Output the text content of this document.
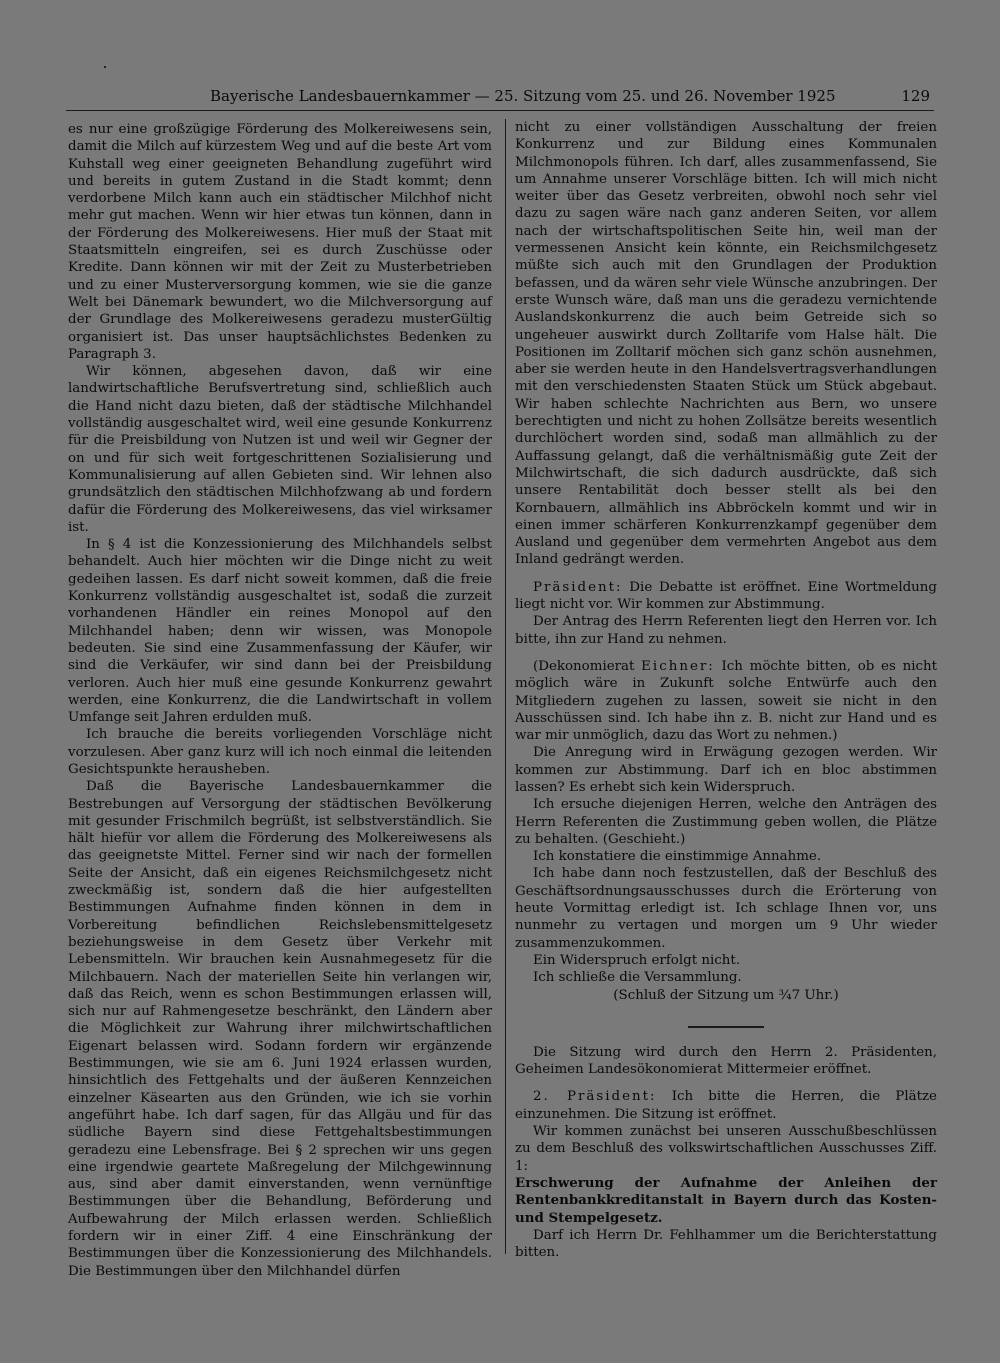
Bayerische Landesbauernkammer — 25. Sitzung vom 25. und 26. November 1925	129

es nur eine großzügige Förderung des Molkereiwesens sein, damit die Milch auf kürzestem Weg und auf die beste Art vom Kuhstall weg einer geeigneten Behandlung zugeführt wird und bereits in gutem Zustand in die Stadt kommt; denn verdorbene Milch kann auch ein städtischer Milchhof nicht mehr gut machen. Wenn wir hier etwas tun können, dann in der Förderung des Molkereiwesens. Hier muß der Staat mit Staatsmitteln eingreifen, sei es durch Zuschüsse oder Kredite. Dann können wir mit der Zeit zu Musterbetrieben und zu einer Musterversorgung kommen, wie sie die ganze Welt bei Dänemark bewundert, wo die Milchversorgung auf der Grundlage des Molkereiwesens geradezu musterGültig organisiert ist. Das unser hauptsächlichstes Bedenken zu Paragraph 3.

Wir können, abgesehen davon, daß wir eine landwirtschaftliche Berufsvertretung sind, schließlich auch die Hand nicht dazu bieten, daß der städtische Milchhandel vollständig ausgeschaltet wird, weil eine gesunde Konkurrenz für die Preisbildung von Nutzen ist und weil wir Gegner der on und für sich weit fortgeschrittenen Sozialisierung und Kommunalisierung auf allen Gebieten sind. Wir lehnen also grundsätzlich den städtischen Milchhofzwang ab und fordern dafür die Förderung des Molkereiwesens, das viel wirksamer ist.

In § 4 ist die Konzessionierung des Milchhandels selbst behandelt. Auch hier möchten wir die Dinge nicht zu weit gedeihen lassen. Es darf nicht soweit kommen, daß die freie Konkurrenz vollständig ausgeschaltet ist, sodaß die zurzeit vorhandenen Händler ein reines Monopol auf den Milchhandel haben; denn wir wissen, was Monopole bedeuten. Sie sind eine Zusammenfassung der Käufer, wir sind die Verkäufer, wir sind dann bei der Preisbildung verloren. Auch hier muß eine gesunde Konkurrenz gewahrt werden, eine Konkurrenz, die die Landwirtschaft in vollem Umfange seit Jahren erdulden muß.

Ich brauche die bereits vorliegenden Vorschläge nicht vorzulesen. Aber ganz kurz will ich noch einmal die leitenden Gesichtspunkte herausheben.

Daß die Bayerische Landesbauernkammer die Bestrebungen auf Versorgung der städtischen Bevölkerung mit gesunder Frischmilch begrüßt, ist selbstverständlich. Sie hält hiefür vor allem die Förderung des Molkereiwesens als das geeignetste Mittel. Ferner sind wir nach der formellen Seite der Ansicht, daß ein eigenes Reichsmilchgesetz nicht zweckmäßig ist, sondern daß die hier aufgestellten Bestimmungen Aufnahme finden können in dem in Vorbereitung befindlichen Reichslebensmittelgesetz beziehungsweise in dem Gesetz über Verkehr mit Lebensmitteln. Wir brauchen kein Ausnahmegesetz für die Milchbauern. Nach der materiellen Seite hin verlangen wir, daß das Reich, wenn es schon Bestimmungen erlassen will, sich nur auf Rahmengesetze beschränkt, den Ländern aber die Möglichkeit zur Wahrung ihrer milchwirtschaftlichen Eigenart belassen wird. Sodann fordern wir ergänzende Bestimmungen, wie sie am 6. Juni 1924 erlassen wurden, hinsichtlich des Fettgehalts und der äußeren Kennzeichen einzelner Käsearten aus den Gründen, wie ich sie vorhin angeführt habe. Ich darf sagen, für das Allgäu und für das südliche Bayern sind diese Fettgehaltsbestimmungen geradezu eine Lebensfrage. Bei § 2 sprechen wir uns gegen eine irgendwie geartete Maßregelung der Milchgewinnung aus, sind aber damit einverstanden, wenn vernünftige Bestimmungen über die Behandlung, Beförderung und Aufbewahrung der Milch erlassen werden. Schließlich fordern wir in einer Ziff. 4 eine Einschränkung der Bestimmungen über die Konzessionierung des Milchhandels. Die Bestimmungen über den Milchhandel dürfen

nicht zu einer vollständigen Ausschaltung der freien Konkurrenz und zur Bildung eines Kommunalen Milchmonopols führen. Ich darf, alles zusammenfassend, Sie um Annahme unserer Vorschläge bitten. Ich will mich nicht weiter über das Gesetz verbreiten, obwohl noch sehr viel dazu zu sagen wäre nach ganz anderen Seiten, vor allem nach der wirtschaftspolitischen Seite hin, weil man der vermessenen Ansicht kein könnte, ein Reichsmilchgesetz müßte sich auch mit den Grundlagen der Produktion befassen, und da wären sehr viele Wünsche anzubringen. Der erste Wunsch wäre, daß man uns die geradezu vernichtende Auslandskonkurrenz die auch beim Getreide sich so ungeheuer auswirkt durch Zolltarife vom Halse hält. Die Positionen im Zolltarif möchen sich ganz schön ausnehmen, aber sie werden heute in den Handelsvertragsverhandlungen mit den verschiedensten Staaten Stück um Stück abgebaut. Wir haben schlechte Nachrichten aus Bern, wo unsere berechtigten und nicht zu hohen Zollsätze bereits wesentlich durchlöchert worden sind, sodaß man allmählich zu der Auffassung gelangt, daß die verhältnismäßig gute Zeit der Milchwirtschaft, die sich dadurch ausdrückte, daß sich unsere Rentabilität doch besser stellt als bei den Kornbauern, allmählich ins Abbröckeln kommt und wir in einen immer schärferen Konkurrenzkampf gegenüber dem Ausland und gegenüber dem vermehrten Angebot aus dem Inland gedrängt werden.

Präsident: Die Debatte ist eröffnet. Eine Wortmeldung liegt nicht vor. Wir kommen zur Abstimmung.

Der Antrag des Herrn Referenten liegt den Herren vor. Ich bitte, ihn zur Hand zu nehmen.

(Dekonomierat Eichner: Ich möchte bitten, ob es nicht möglich wäre in Zukunft solche Entwürfe auch den Mitgliedern zugehen zu lassen, soweit sie nicht in den Ausschüssen sind. Ich habe ihn z. B. nicht zur Hand und es war mir unmöglich, dazu das Wort zu nehmen.)

Die Anregung wird in Erwägung gezogen werden. Wir kommen zur Abstimmung. Darf ich en bloc abstimmen lassen? Es erhebt sich kein Widerspruch.

Ich ersuche diejenigen Herren, welche den Anträgen des Herrn Referenten die Zustimmung geben wollen, die Plätze zu behalten. (Geschieht.)

Ich konstatiere die einstimmige Annahme.

Ich habe dann noch festzustellen, daß der Beschluß des Geschäftsordnungsausschusses durch die Erörterung von heute Vormittag erledigt ist. Ich schlage Ihnen vor, uns nunmehr zu vertagen und morgen um 9 Uhr wieder zusammenzukommen.

Ein Widerspruch erfolgt nicht.

Ich schließe die Versammlung.

(Schluß der Sitzung um ¾7 Uhr.)

Die Sitzung wird durch den Herrn 2. Präsidenten, Geheimen Landesökonomierat Mittermeier eröffnet.

2. Präsident: Ich bitte die Herren, die Plätze einzunehmen. Die Sitzung ist eröffnet.

Wir kommen zunächst bei unseren Ausschußbeschlüssen zu dem Beschluß des volkswirtschaftlichen Ausschusses Ziff. 1:

Erschwerung der Aufnahme der Anleihen der Rentenbankkreditanstalt in Bayern durch das Kosten- und Stempelgesetz.

Darf ich Herrn Dr. Fehlhammer um die Berichterstattung bitten.
